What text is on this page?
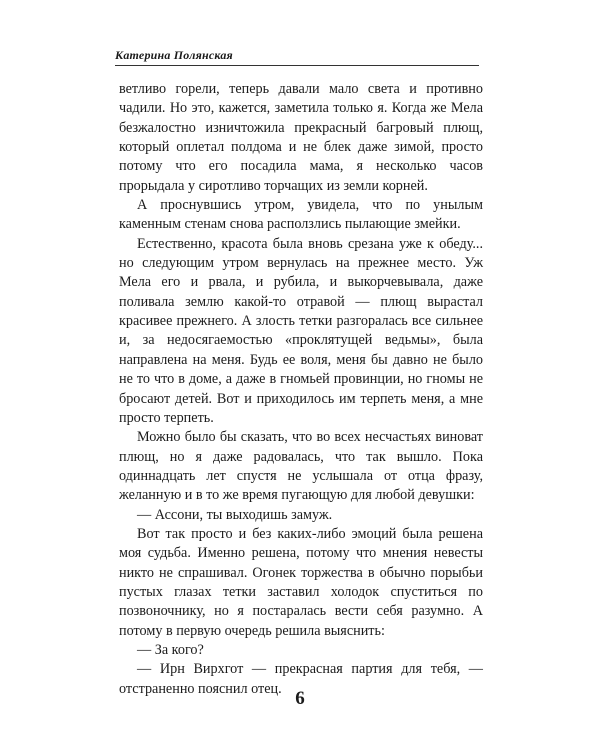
Катерина Полянская

ветливо горели, теперь давали мало света и противно чадили. Но это, кажется, заметила только я. Когда же Мела безжалостно изничтожила прекрасный багровый плющ, который оплетал полдома и не блек даже зимой, просто потому что его посадила мама, я несколько часов прорыдала у сиротливо торчащих из земли корней.

А проснувшись утром, увидела, что по унылым каменным стенам снова расползлись пылающие змейки.

Естественно, красота была вновь срезана уже к обеду... но следующим утром вернулась на прежнее место. Уж Мела его и рвала, и рубила, и выкорчевывала, даже поливала землю какой-то отравой — плющ вырастал красивее прежнего. А злость тетки разгоралась все сильнее и, за недосягаемостью «проклятущей ведьмы», была направлена на меня. Будь ее воля, меня бы давно не было не то что в доме, а даже в гномьей провинции, но гномы не бросают детей. Вот и приходилось им терпеть меня, а мне просто терпеть.

Можно было бы сказать, что во всех несчастьях виноват плющ, но я даже радовалась, что так вышло. Пока одиннадцать лет спустя не услышала от отца фразу, желанную и в то же время пугающую для любой девушки:

— Ассони, ты выходишь замуж.

Вот так просто и без каких-либо эмоций была решена моя судьба. Именно решена, потому что мнения невесты никто не спрашивал. Огонек торжества в обычно порыбьи пустых глазах тетки заставил холодок спуститься по позвоночнику, но я постаралась вести себя разумно. А потому в первую очередь решила выяснить:

— За кого?

— Ирн Вирхгот — прекрасная партия для тебя, — отстраненно пояснил отец. 6
